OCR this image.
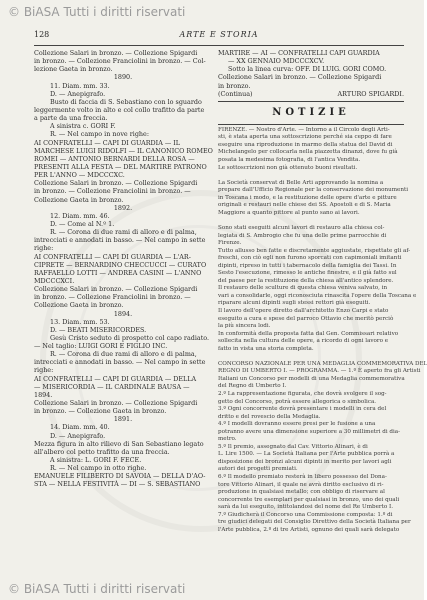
© BiASA Tutti i diritti riservati
128	ARTE E STORIA
Collezione Salari in bronzo. — Collezione Spigardi
in bronzo. — Collezione Franciolini in bronzo. — Col-
lezione Gaeta in bronzo.
1890.
11. Diam. mm. 33.
D. — Anepigrafo.
Busto di faccia di S. Sebastiano con lo sguardo
leggermente volto in alto e col collo trafitto da parte
a parte da una freccia.
A sinistra c. GORI F.
R. — Nel campo in nove righe:
AI CONFRATELLI — CAPI DI GUARDIA — IL
MARCHESE LUIGI RIDOLFI — IL CANONICO ROMEO
ROMEI — ANTONIO BERNARDI DELLA ROSA —
PRESENTI ALLA FESTA — DEL MARTIRE PATRONO
PER L'ANNO — MDCCCXC.
Collezione Salari in bronzo. — Collezione Spigardi
in bronzo. — Collezione Franciolini in bronzo. —
Collezione Gaeta in bronzo.
1892.
12. Diam. mm. 46.
D. — Come al N.º 1.
R. — Corona di due rami di alloro e di palma,
intrecciati e annodati in basso. — Nel campo in sette
righe:
AI CONFRATELLI — CAPI DI GUARDIA — L'AR-
CIPRETE — BERNARDINO CHECCUCCI — CURATO
RAFFAELLO LOTTI — ANDREA CASINI — L'ANNO
MDCCCXCI.
Collezione Salari in bronzo. — Collezione Spigardi
in bronzo. — Collezione Franciolini in bronzo. —
Collezione Gaeta in bronzo.
1894.
13. Diam. mm. 53.
D. — BEATI MISERICORDES.
Gesù Cristo seduto di prospetto col capo radiato.
— Nel taglio: LUIGI GORI E FIGLIO INC.
R. — Corona di due rami di alloro e di palma,
intrecciati e annodati in basso. — Nel campo in sette
righe:
AI CONFRATELLI — CAPI DI GUARDIA — DELLA
— MISERICORDIA — IL CARDINALE BAUSA —
1894.
Collezione Salari in bronzo. — Collezione Spigardi
in bronzo. — Collezione Gaeta in bronzo.
1891.
14. Diam. mm. 40.
D. — Anepigrafo.
Mezza figura in alto rilievo di San Sebastiano legato
all'albero col petto trafitto da una freccia.
A sinistra: L. GORI F. FECE.
R. — Nel campo in otto righe.
EMANUELE FILIBERTO DI SAVOIA — DELLA D'AO-
STA — NELLA FESTIVITÀ — DI — S. SEBASTIANO
MARTIRE — AI — CONFRATELLI CAPI GUARDIA
— XX GENNAIO MDCCCXCV.
Sotto la linea curva: OFF. DI LUIG. GORI COMO.
Collezione Salari in bronzo. — Collezione Spigardi
in bronzo.
(Continua)	ARTURO SPIGARDI.
NOTIZIE
FIRENZE. — Nostro d'Arte. — Intorno a il Circolo degli Arti-
sti, è stata aperta una sottoscrizione perché sia ceppo di fare
eseguire una riproduzione in marmo della statua del David di
Michelangelo per collocarla nella piazzetta dinanzi, dove fu già
posata la medesima fotografia, di l'antica Vendita.
Le sottoscrizioni non già ottenuto buoni risultati.
La Società conservat di Belle Arti approvando la nomina a
prepare dall'Ufficio Regionale per la conservazione dei monumenti
in Toscana i modo, e la restituzione delle opere d'arte e pitture
originali e restauri nelle chiese dei SS. Apostoli e di S. Maria
Maggiore a quanto pittore al punto sano ai lavori.
Sono stati eseguiti alcuni lavori di restauro alla chiesa col-
legiata di S. Ambrogio che fu una delle prime parrocchie di
Firenze.
Tutto allusso ben fatte e discretamente aggiustate, rispettate gli af-
freschi, con ciò egli non furono sporcati con capimoniali imitanti
dipinti, ripreso in tutti i tabernacolo della famiglia dei Tassi. In
Sesto l'esecuzione, rimesso le antiche finestre, e il già fatto sul
del paese per la restituzione della chiesa all'antico splendore.
Il restauro delle sculture di questa chiesa veniva salvato, in
vari a consolidarle, oggi riconosciuta rinascita l'opere della Toscana e
riparare alcuni dipinti sugli stessi rettori già eseguiti.
Il lavoro dell'opere diretto dall'architetto Enzo Carpi e stato
eseguito a cura e spese del parroco Ottavio che meritò perciò
la più sincera lodi.
In conformità della proposta fatta dal Gen. Commissari relativo
sollecita nella cultura delle opere, a ricordo di ogni lavoro e
fatto in vista una storia completa.
CONCORSO NAZIONALE PER UNA MEDAGLIA COMMEMORATIVA DEL
REGNO DI UMBERTO I. — PROGRAMMA. — 1.º È aperto fra gli Artisti
Italiani un Concorso per modelli di una Medaglia commemorativa
del Regno di Umberto I.
2.º La rappresentazione figurata, che dovrà svolgere il sog-
getto del Concorso, potrà essere allegorica o simbolica.
3.º Ogni concorrente dovrà presentare i modelli in cera del
dritto e del rovescio della Medaglia.
4.º I modelli dovranno essere presi per le fusione a una
potranno avere una dimensione superiore a 30 millimetri di dia-
metro.
5.º Il premio, assegnato dal Cav. Vittorio Alinari, è di
L. Lire 1500. — La Società Italiana per l'Arte pubblica porrà a
disposizione dei bronzi alcuni dipinti in merito per lavori agli
autori dei progetti premiati.
6.º Il modello premiato resterà in libero possesso del Dona-
tore Vittorio Alinari, il quale ne avrà diritto esclusivo di ri-
produzione in qualsiasi metallo; con obbligo di riservare al
concorrente tre esemplari per qualsiasi in bronzo, uno dei quali
sarà da lui eseguito, intitolandosi del nome del Re Umberto I.
7.º Giudicherà il Concorso una Commissione composta: 1.º di
tre giudici delegati del Consiglio Direttivo della Società Italiana per
l'Arte pubblica, 2.º di tre Artisti, ognuno dei quali sarà delegato
© BiASA Tutti i diritti riservati
